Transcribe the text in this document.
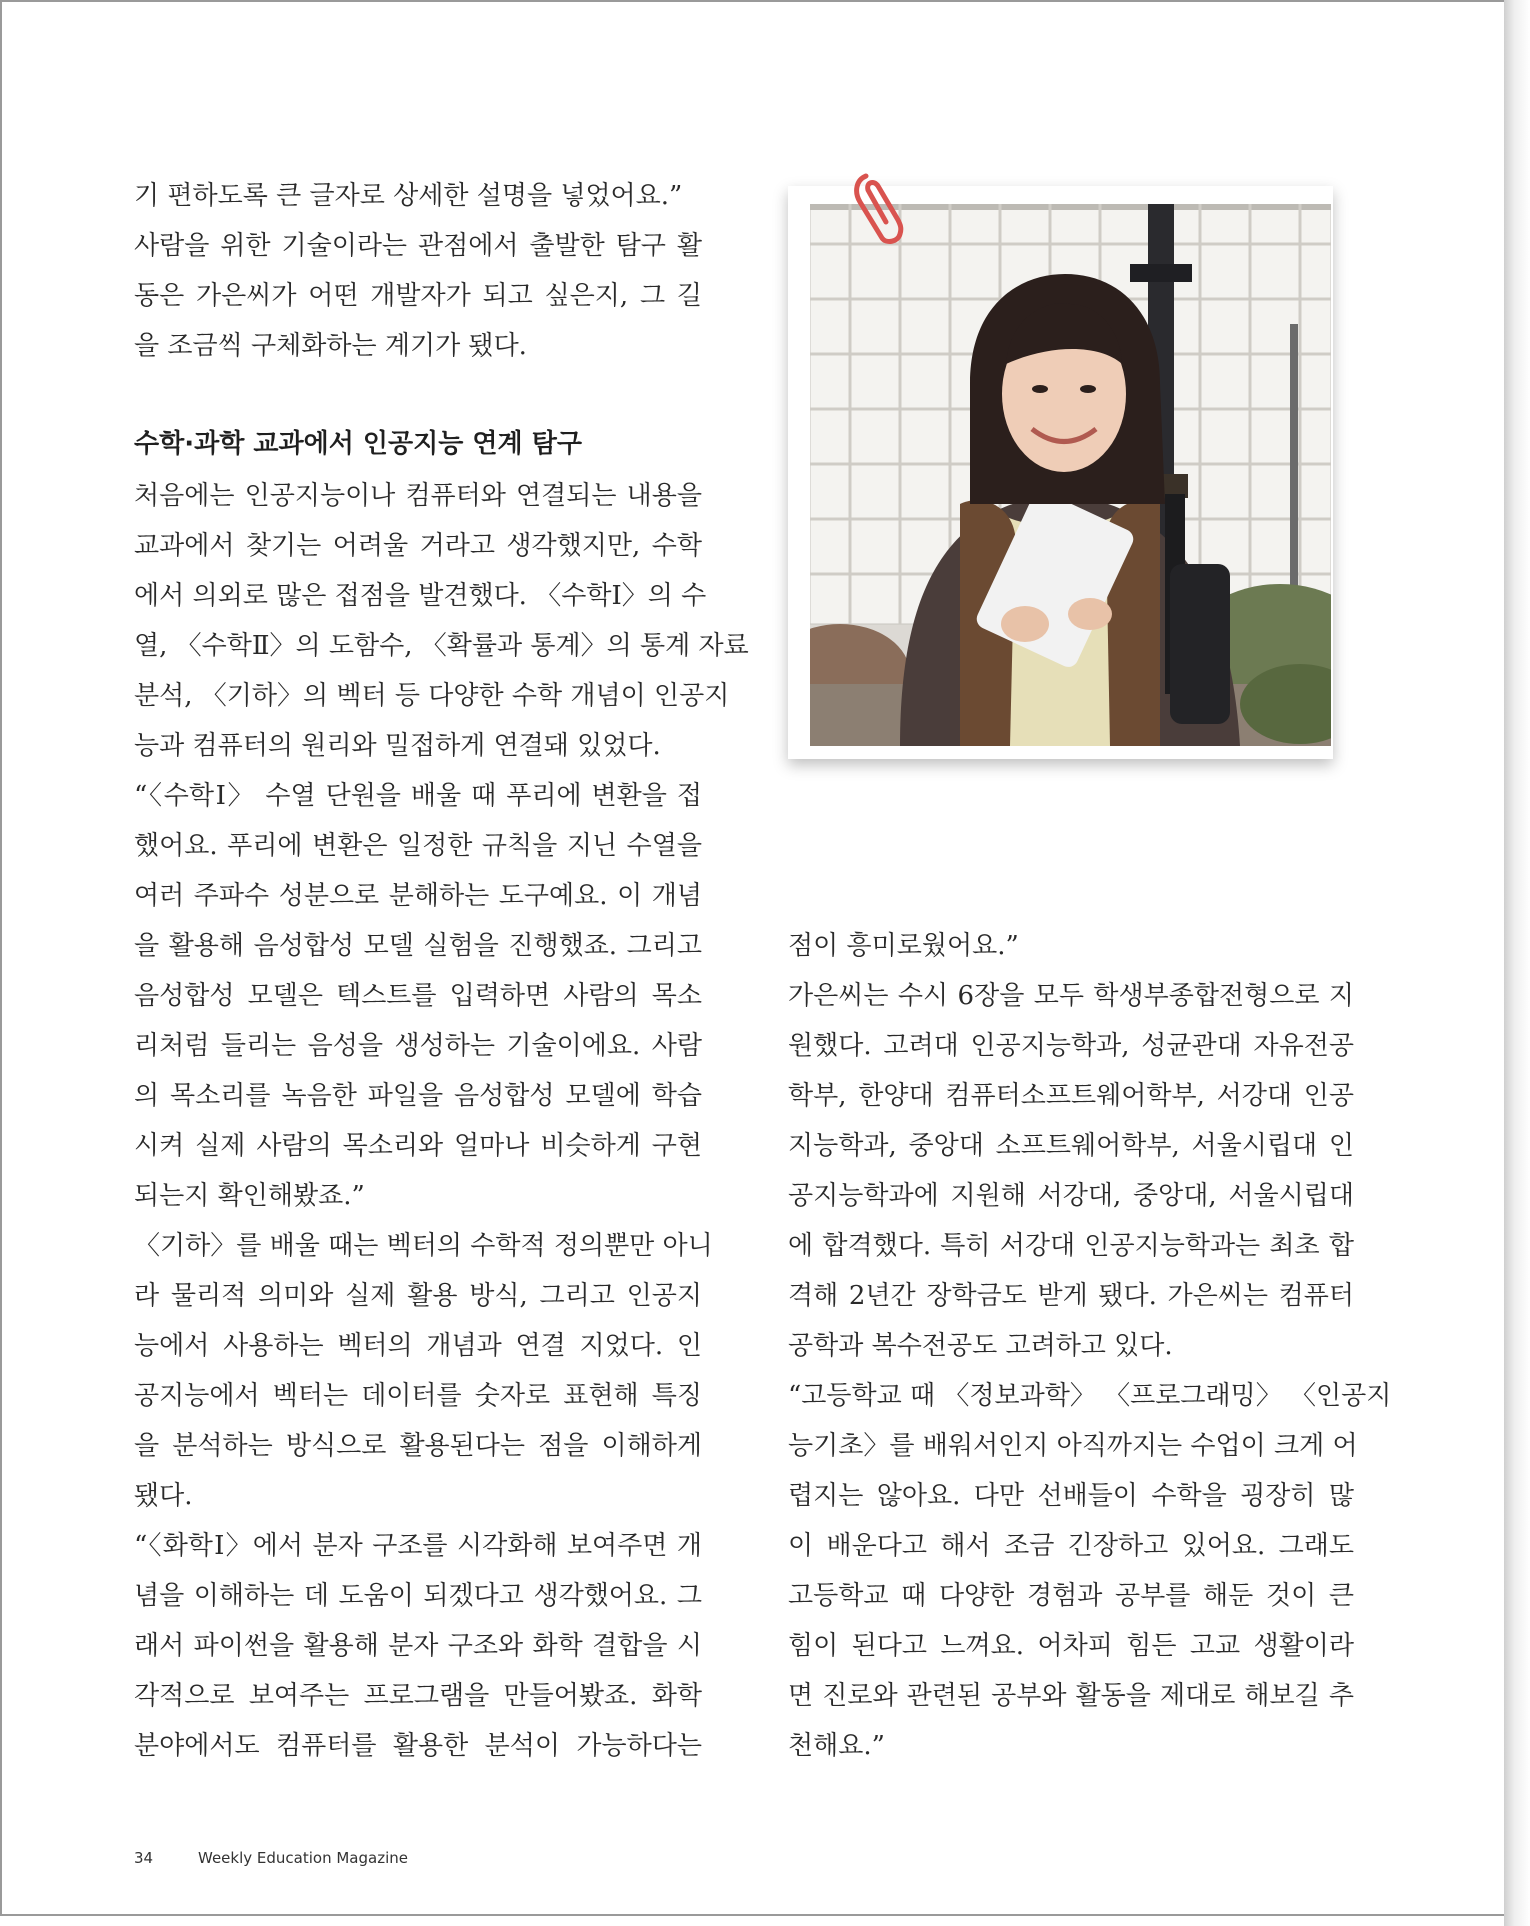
기 편하도록 큰 글자로 상세한 설명을 넣었어요.”
사람을 위한 기술이라는 관점에서 출발한 탐구 활
동은 가은씨가 어떤 개발자가 되고 싶은지, 그 길
을 조금씩 구체화하는 계기가 됐다.
수학·과학 교과에서 인공지능 연계 탐구
처음에는 인공지능이나 컴퓨터와 연결되는 내용을
교과에서 찾기는 어려울 거라고 생각했지만, 수학
에서 의외로 많은 접점을 발견했다. 〈수학Ⅰ〉의 수
열, 〈수학Ⅱ〉의 도함수, 〈확률과 통계〉의 통계 자료
분석, 〈기하〉의 벡터 등 다양한 수학 개념이 인공지
능과 컴퓨터의 원리와 밀접하게 연결돼 있었다.
“〈수학Ⅰ〉 수열 단원을 배울 때 푸리에 변환을 접
했어요. 푸리에 변환은 일정한 규칙을 지닌 수열을
여러 주파수 성분으로 분해하는 도구예요. 이 개념
을 활용해 음성합성 모델 실험을 진행했죠. 그리고
음성합성 모델은 텍스트를 입력하면 사람의 목소
리처럼 들리는 음성을 생성하는 기술이에요. 사람
의 목소리를 녹음한 파일을 음성합성 모델에 학습
시켜 실제 사람의 목소리와 얼마나 비슷하게 구현
되는지 확인해봤죠.”
〈기하〉를 배울 때는 벡터의 수학적 정의뿐만 아니
라 물리적 의미와 실제 활용 방식, 그리고 인공지
능에서 사용하는 벡터의 개념과 연결 지었다. 인
공지능에서 벡터는 데이터를 숫자로 표현해 특징
을 분석하는 방식으로 활용된다는 점을 이해하게
됐다.
“〈화학Ⅰ〉에서 분자 구조를 시각화해 보여주면 개
념을 이해하는 데 도움이 되겠다고 생각했어요. 그
래서 파이썬을 활용해 분자 구조와 화학 결합을 시
각적으로 보여주는 프로그램을 만들어봤죠. 화학
분야에서도 컴퓨터를 활용한 분석이 가능하다는
점이 흥미로웠어요.”
가은씨는 수시 6장을 모두 학생부종합전형으로 지
원했다. 고려대 인공지능학과, 성균관대 자유전공
학부, 한양대 컴퓨터소프트웨어학부, 서강대 인공
지능학과, 중앙대 소프트웨어학부, 서울시립대 인
공지능학과에 지원해 서강대, 중앙대, 서울시립대
에 합격했다. 특히 서강대 인공지능학과는 최초 합
격해 2년간 장학금도 받게 됐다. 가은씨는 컴퓨터
공학과 복수전공도 고려하고 있다.
“고등학교 때 〈정보과학〉 〈프로그래밍〉 〈인공지
능기초〉를 배워서인지 아직까지는 수업이 크게 어
렵지는 않아요. 다만 선배들이 수학을 굉장히 많
이 배운다고 해서 조금 긴장하고 있어요. 그래도
고등학교 때 다양한 경험과 공부를 해둔 것이 큰
힘이 된다고 느껴요. 어차피 힘든 고교 생활이라
면 진로와 관련된 공부와 활동을 제대로 해보길 추
천해요.”
34	Weekly Education Magazine
